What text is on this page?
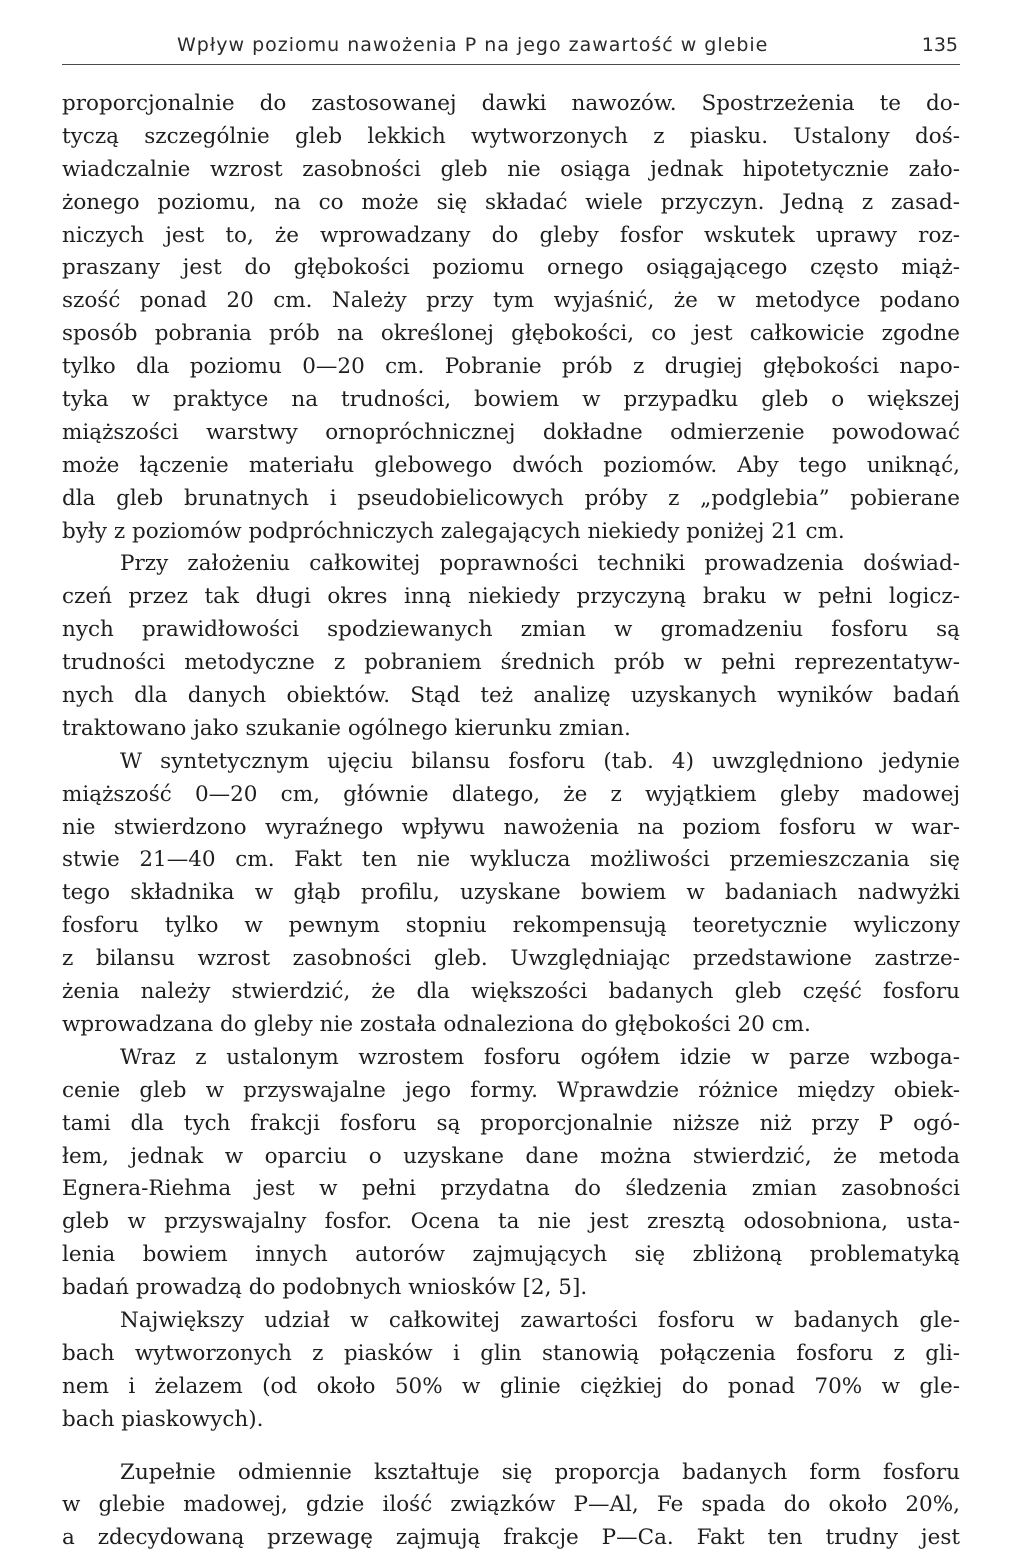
Wpływ poziomu nawożenia P na jego zawartość w glebie	135
proporcjonalnie do zastosowanej dawki nawozów. Spostrzeżenia te do-
tyczą szczególnie gleb lekkich wytworzonych z piasku. Ustalony doś-
wiadczalnie wzrost zasobności gleb nie osiąga jednak hipotetycznie zało-
żonego poziomu, na co może się składać wiele przyczyn. Jedną z zasad-
niczych jest to, że wprowadzany do gleby fosfor wskutek uprawy roz-
praszany jest do głębokości poziomu ornego osiągającego często miąż-
szość ponad 20 cm. Należy przy tym wyjaśnić, że w metodyce podano
sposób pobrania prób na określonej głębokości, co jest całkowicie zgodne
tylko dla poziomu 0—20 cm. Pobranie prób z drugiej głębokości napo-
tyka w praktyce na trudności, bowiem w przypadku gleb o większej
miąższości warstwy ornopróchnicznej dokładne odmierzenie powodować
może łączenie materiału glebowego dwóch poziomów. Aby tego uniknąć,
dla gleb brunatnych i pseudobielicowych próby z „podglebia” pobierane
były z poziomów podpróchniczych zalegających niekiedy poniżej 21 cm.
Przy założeniu całkowitej poprawności techniki prowadzenia doświad-
czeń przez tak długi okres inną niekiedy przyczyną braku w pełni logicz-
nych prawidłowości spodziewanych zmian w gromadzeniu fosforu są
trudności metodyczne z pobraniem średnich prób w pełni reprezentatyw-
nych dla danych obiektów. Stąd też analizę uzyskanych wyników badań
traktowano jako szukanie ogólnego kierunku zmian.
W syntetycznym ujęciu bilansu fosforu (tab. 4) uwzględniono jedynie
miąższość 0—20 cm, głównie dlatego, że z wyjątkiem gleby madowej
nie stwierdzono wyraźnego wpływu nawożenia na poziom fosforu w war-
stwie 21—40 cm. Fakt ten nie wyklucza możliwości przemieszczania się
tego składnika w głąb profilu, uzyskane bowiem w badaniach nadwyżki
fosforu tylko w pewnym stopniu rekompensują teoretycznie wyliczony
z bilansu wzrost zasobności gleb. Uwzględniając przedstawione zastrze-
żenia należy stwierdzić, że dla większości badanych gleb część fosforu
wprowadzana do gleby nie została odnaleziona do głębokości 20 cm.
Wraz z ustalonym wzrostem fosforu ogółem idzie w parze wzboga-
cenie gleb w przyswajalne jego formy. Wprawdzie różnice między obiek-
tami dla tych frakcji fosforu są proporcjonalnie niższe niż przy P ogó-
łem, jednak w oparciu o uzyskane dane można stwierdzić, że metoda
Egnera-Riehma jest w pełni przydatna do śledzenia zmian zasobności
gleb w przyswajalny fosfor. Ocena ta nie jest zresztą odosobniona, usta-
lenia bowiem innych autorów zajmujących się zbliżoną problematyką
badań prowadzą do podobnych wniosków [2, 5].
Największy udział w całkowitej zawartości fosforu w badanych gle-
bach wytworzonych z piasków i glin stanowią połączenia fosforu z gli-
nem i żelazem (od około 50% w glinie ciężkiej do ponad 70% w gle-
bach piaskowych).
Zupełnie odmiennie kształtuje się proporcja badanych form fosforu
w glebie madowej, gdzie ilość związków P—Al, Fe spada do około 20%,
a zdecydowaną przewagę zajmują frakcje P—Ca. Fakt ten trudny jest
